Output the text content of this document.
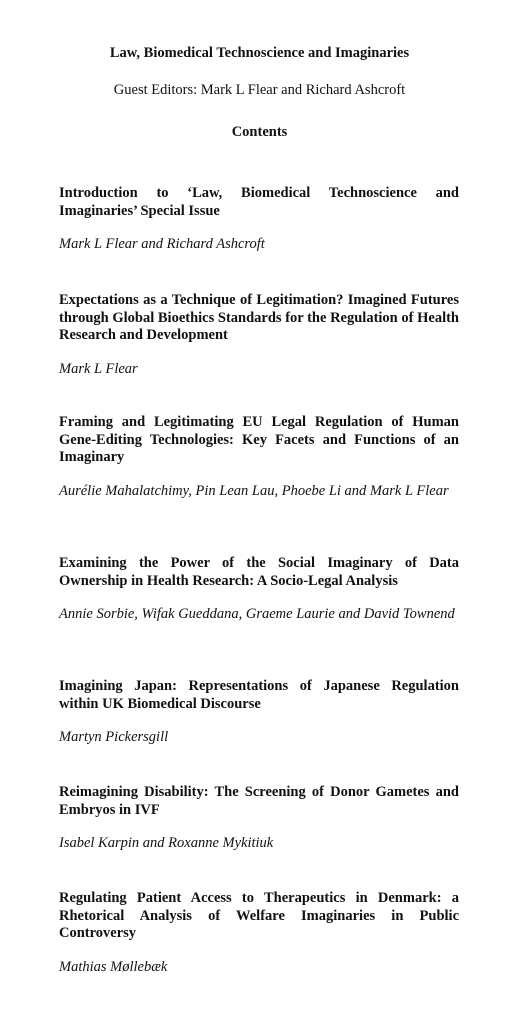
Law, Biomedical Technoscience and Imaginaries
Guest Editors: Mark L Flear and Richard Ashcroft
Contents
Introduction to ‘Law, Biomedical Technoscience and Imaginaries’ Special Issue
Mark L Flear and Richard Ashcroft
Expectations as a Technique of Legitimation? Imagined Futures through Global Bioethics Standards for the Regulation of Health Research and Development
Mark L Flear
Framing and Legitimating EU Legal Regulation of Human Gene-Editing Technologies: Key Facets and Functions of an Imaginary
Aurélie Mahalatchimy, Pin Lean Lau, Phoebe Li and Mark L Flear
Examining the Power of the Social Imaginary of Data Ownership in Health Research: A Socio-Legal Analysis
Annie Sorbie, Wifak Gueddana, Graeme Laurie and David Townend
Imagining Japan: Representations of Japanese Regulation within UK Biomedical Discourse
Martyn Pickersgill
Reimagining Disability: The Screening of Donor Gametes and Embryos in IVF
Isabel Karpin and Roxanne Mykitiuk
Regulating Patient Access to Therapeutics in Denmark: a Rhetorical Analysis of Welfare Imaginaries in Public Controversy
Mathias Møllebæk
